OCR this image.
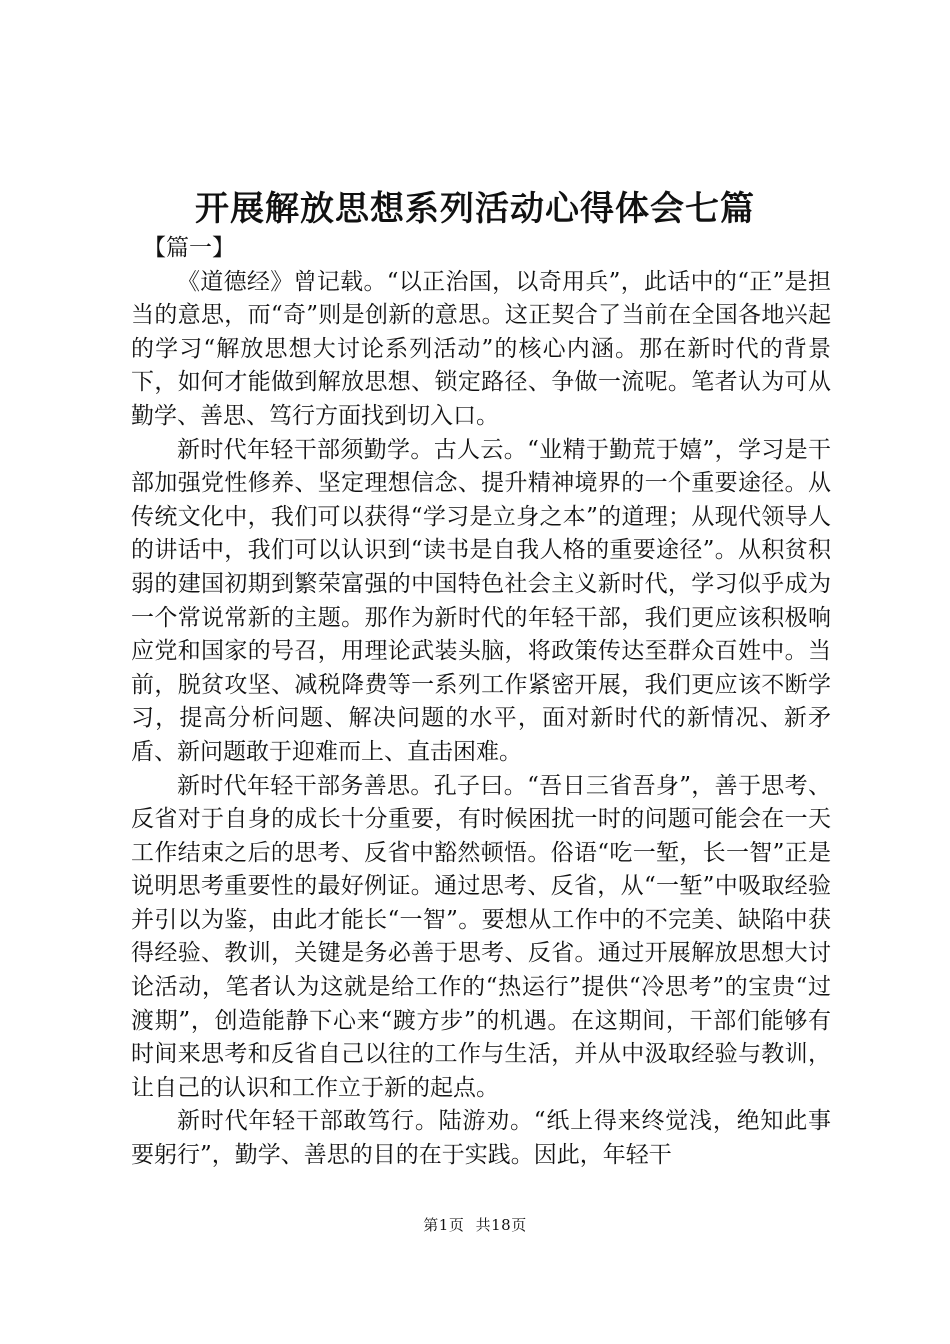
开展解放思想系列活动心得体会七篇

【篇一】

《道德经》曾记载。“以正治国，以奇用兵”，此话中的“正”是担当的意思，而“奇”则是创新的意思。这正契合了当前在全国各地兴起的学习“解放思想大讨论系列活动”的核心内涵。那在新时代的背景下，如何才能做到解放思想、锁定路径、争做一流呢。笔者认为可从勤学、善思、笃行方面找到切入口。

新时代年轻干部须勤学。古人云。“业精于勤荒于嬉”，学习是干部加强党性修养、坚定理想信念、提升精神境界的一个重要途径。从传统文化中，我们可以获得“学习是立身之本”的道理；从现代领导人的讲话中，我们可以认识到“读书是自我人格的重要途径”。从积贫积弱的建国初期到繁荣富强的中国特色社会主义新时代，学习似乎成为一个常说常新的主题。那作为新时代的年轻干部，我们更应该积极响应党和国家的号召，用理论武装头脑，将政策传达至群众百姓中。当前，脱贫攻坚、减税降费等一系列工作紧密开展，我们更应该不断学习，提高分析问题、解决问题的水平，面对新时代的新情况、新矛盾、新问题敢于迎难而上、直击困难。

新时代年轻干部务善思。孔子曰。“吾日三省吾身”，善于思考、反省对于自身的成长十分重要，有时候困扰一时的问题可能会在一天工作结束之后的思考、反省中豁然顿悟。俗语“吃一堑，长一智”正是说明思考重要性的最好例证。通过思考、反省，从“一堑”中吸取经验并引以为鉴，由此才能长“一智”。要想从工作中的不完美、缺陷中获得经验、教训，关键是务必善于思考、反省。通过开展解放思想大讨论活动，笔者认为这就是给工作的“热运行”提供“冷思考”的宝贵“过渡期”，创造能静下心来“踱方步”的机遇。在这期间，干部们能够有时间来思考和反省自己以往的工作与生活，并从中汲取经验与教训，让自己的认识和工作立于新的起点。

新时代年轻干部敢笃行。陆游劝。“纸上得来终觉浅，绝知此事要躬行”，勤学、善思的目的在于实践。因此，年轻干

第1页 共18页
